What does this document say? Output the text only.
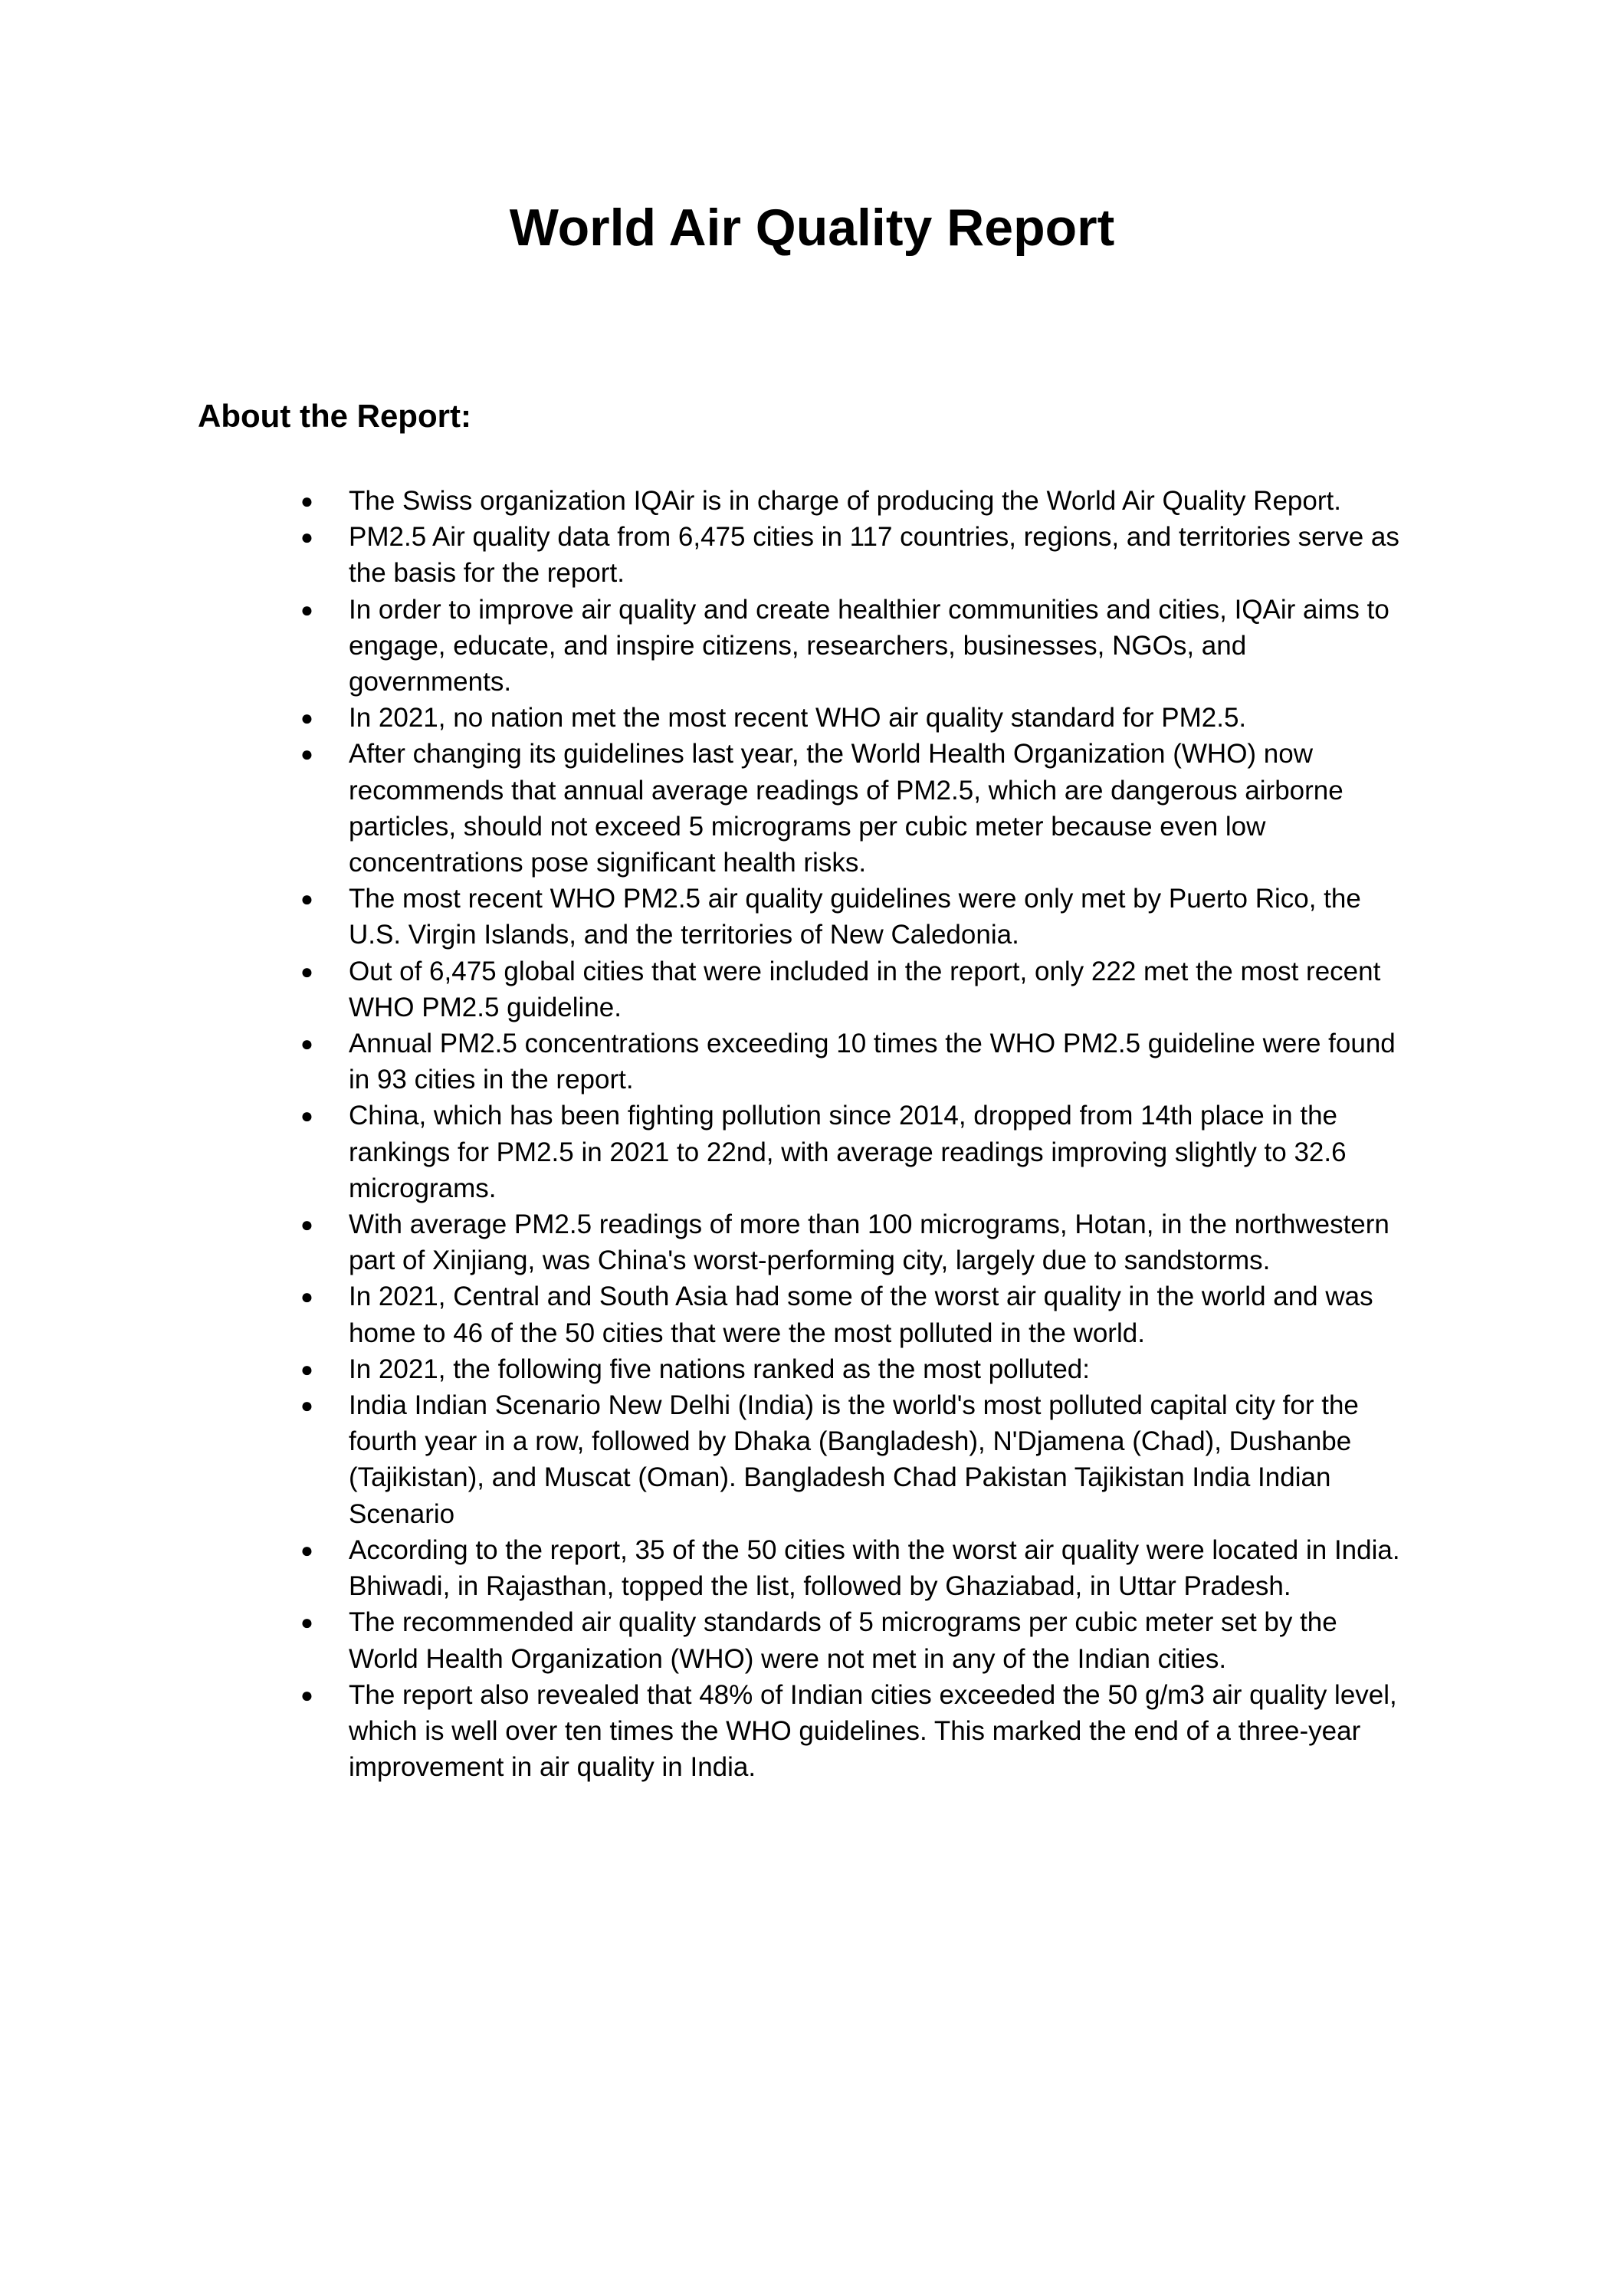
World Air Quality Report
About the Report:
● The Swiss organization IQAir is in charge of producing the World Air Quality Report.
● PM2.5 Air quality data from 6,475 cities in 117 countries, regions, and territories serve as
the basis for the report.
● In order to improve air quality and create healthier communities and cities, IQAir aims to
engage, educate, and inspire citizens, researchers, businesses, NGOs, and
governments.
● In 2021, no nation met the most recent WHO air quality standard for PM2.5.
● After changing its guidelines last year, the World Health Organization (WHO) now
recommends that annual average readings of PM2.5, which are dangerous airborne
particles, should not exceed 5 micrograms per cubic meter because even low
concentrations pose significant health risks.
● The most recent WHO PM2.5 air quality guidelines were only met by Puerto Rico, the
U.S. Virgin Islands, and the territories of New Caledonia.
● Out of 6,475 global cities that were included in the report, only 222 met the most recent
WHO PM2.5 guideline.
● Annual PM2.5 concentrations exceeding 10 times the WHO PM2.5 guideline were found
in 93 cities in the report.
● China, which has been fighting pollution since 2014, dropped from 14th place in the
rankings for PM2.5 in 2021 to 22nd, with average readings improving slightly to 32.6
micrograms.
● With average PM2.5 readings of more than 100 micrograms, Hotan, in the northwestern
part of Xinjiang, was China's worst-performing city, largely due to sandstorms.
● In 2021, Central and South Asia had some of the worst air quality in the world and was
home to 46 of the 50 cities that were the most polluted in the world.
● In 2021, the following five nations ranked as the most polluted:
● India Indian Scenario New Delhi (India) is the world's most polluted capital city for the
fourth year in a row, followed by Dhaka (Bangladesh), N'Djamena (Chad), Dushanbe
(Tajikistan), and Muscat (Oman). Bangladesh Chad Pakistan Tajikistan India Indian
Scenario
● According to the report, 35 of the 50 cities with the worst air quality were located in India.
Bhiwadi, in Rajasthan, topped the list, followed by Ghaziabad, in Uttar Pradesh.
● The recommended air quality standards of 5 micrograms per cubic meter set by the
World Health Organization (WHO) were not met in any of the Indian cities.
● The report also revealed that 48% of Indian cities exceeded the 50 g/m3 air quality level,
which is well over ten times the WHO guidelines. This marked the end of a three-year
improvement in air quality in India.
